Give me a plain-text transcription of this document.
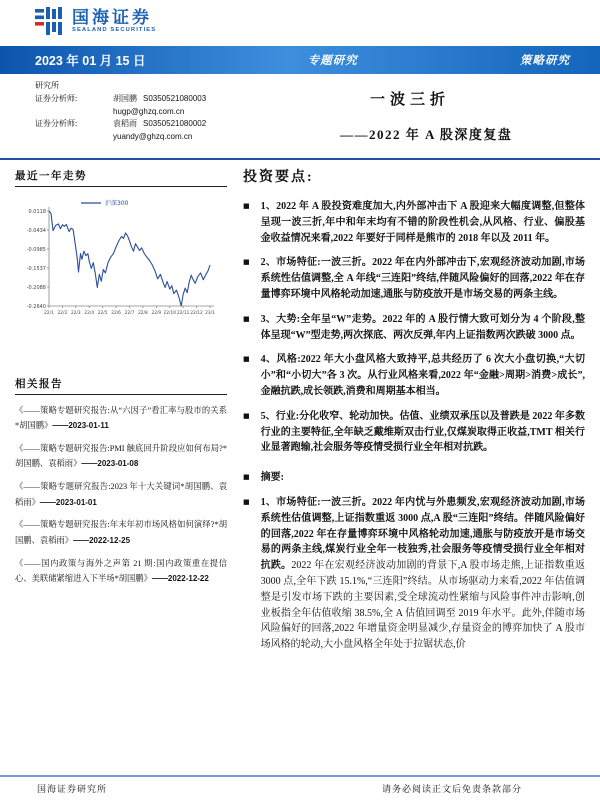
国海证券
SEALAND SECURITIES
2023 年 01 月 15 日	专题研究	策略研究
研究所
证券分析师:	胡国鹏 S0350521080003
hugp@ghzq.com.cn
证券分析师:	袁稻雨 S0350521080002
yuandy@ghzq.com.cn
一波三折
——2022 年 A 股深度复盘
最近一年走势
沪深300
0.0118
-0.0434
-0.0985
-0.1537
-0.2088
-0.2640
22/1 22/2 22/3 22/4 22/5 22/6 22/7 22/8 22/9 22/10 22/11 22/12 23/1
相关报告

《——策略专题研究报告:从“六因子”看汇率与股市的关系*胡国鹏》——2023-01-11

《——策略专题研究报告:PMI 触底回升阶段应如何布局?*胡国鹏、袁稻雨》——2023-01-08

《——策略专题研究报告:2023 年十大关键词*胡国鹏、袁稻雨》——2023-01-01

《——策略专题研究报告:年末年初市场风格如何演绎?*胡国鹏、袁稻雨》——2022-12-25

《——国内政策与海外之声第 21 期:国内政策重在提信心、美联储紧缩进入下半场*胡国鹏》——2022-12-22

投资要点:
■ 1、2022 年 A 股投资难度加大,内外部冲击下 A 股迎来大幅度调整,但整体呈现一波三折,年中和年末均有不错的阶段性机会,从风格、行业、偏股基金收益情况来看,2022 年要好于同样是熊市的 2018 年以及 2011 年。

■ 2、市场特征:一波三折。2022 年在内外部冲击下,宏观经济波动加剧,市场系统性估值调整,全 A 年线“三连阳”终结,伴随风险偏好的回落,2022 年在存量博弈环境中风格轮动加速,通胀与防疫放开是市场交易的两条主线。

■ 3、大势:全年呈“W”走势。2022 年的 A 股行情大致可划分为 4 个阶段,整体呈现“W”型走势,两次探底、两次反弹,年内上证指数两次跌破 3000 点。

■ 4、风格:2022 年大小盘风格大致持平,总共经历了 6 次大小盘切换,“大切小”和“小切大”各 3 次。从行业风格来看,2022 年“金融>周期>消费>成长”,金融抗跌,成长领跌,消费和周期基本相当。

■ 5、行业:分化收窄、轮动加快。估值、业绩双承压以及普跌是 2022 年多数行业的主要特征,全年缺乏戴维斯双击行业,仅煤炭取得正收益,TMT 相关行业显著跑输,社会服务等疫情受损行业全年相对抗跌。

■ 摘要:

■ 1、市场特征:一波三折。2022 年内忧与外患频发,宏观经济波动加剧,市场系统性估值调整,上证指数重返 3000 点,A 股“三连阳”终结。伴随风险偏好的回落,2022 年在存量博弈环境中风格轮动加速,通胀与防疫放开是市场交易的两条主线,煤炭行业全年一枝独秀,社会服务等疫情受损行业全年相对抗跌。2022 年在宏观经济波动加剧的背景下,A 股市场走熊,上证指数重返 3000 点,全年下跌 15.1%,“三连阳”终结。从市场驱动力来看,2022 年估值调整是引发市场下跌的主要因素,受全球流动性紧缩与风险事件冲击影响,创业板指全年估值收缩 38.5%,全 A 估值回调至 2019 年水平。此外,伴随市场风险偏好的回落,2022 年增量资金明显减少,存量资金的博弈加快了 A 股市场风格的轮动,大小盘风格全年处于拉锯状态,价

国海证券研究所	请务必阅读正文后免责条款部分
